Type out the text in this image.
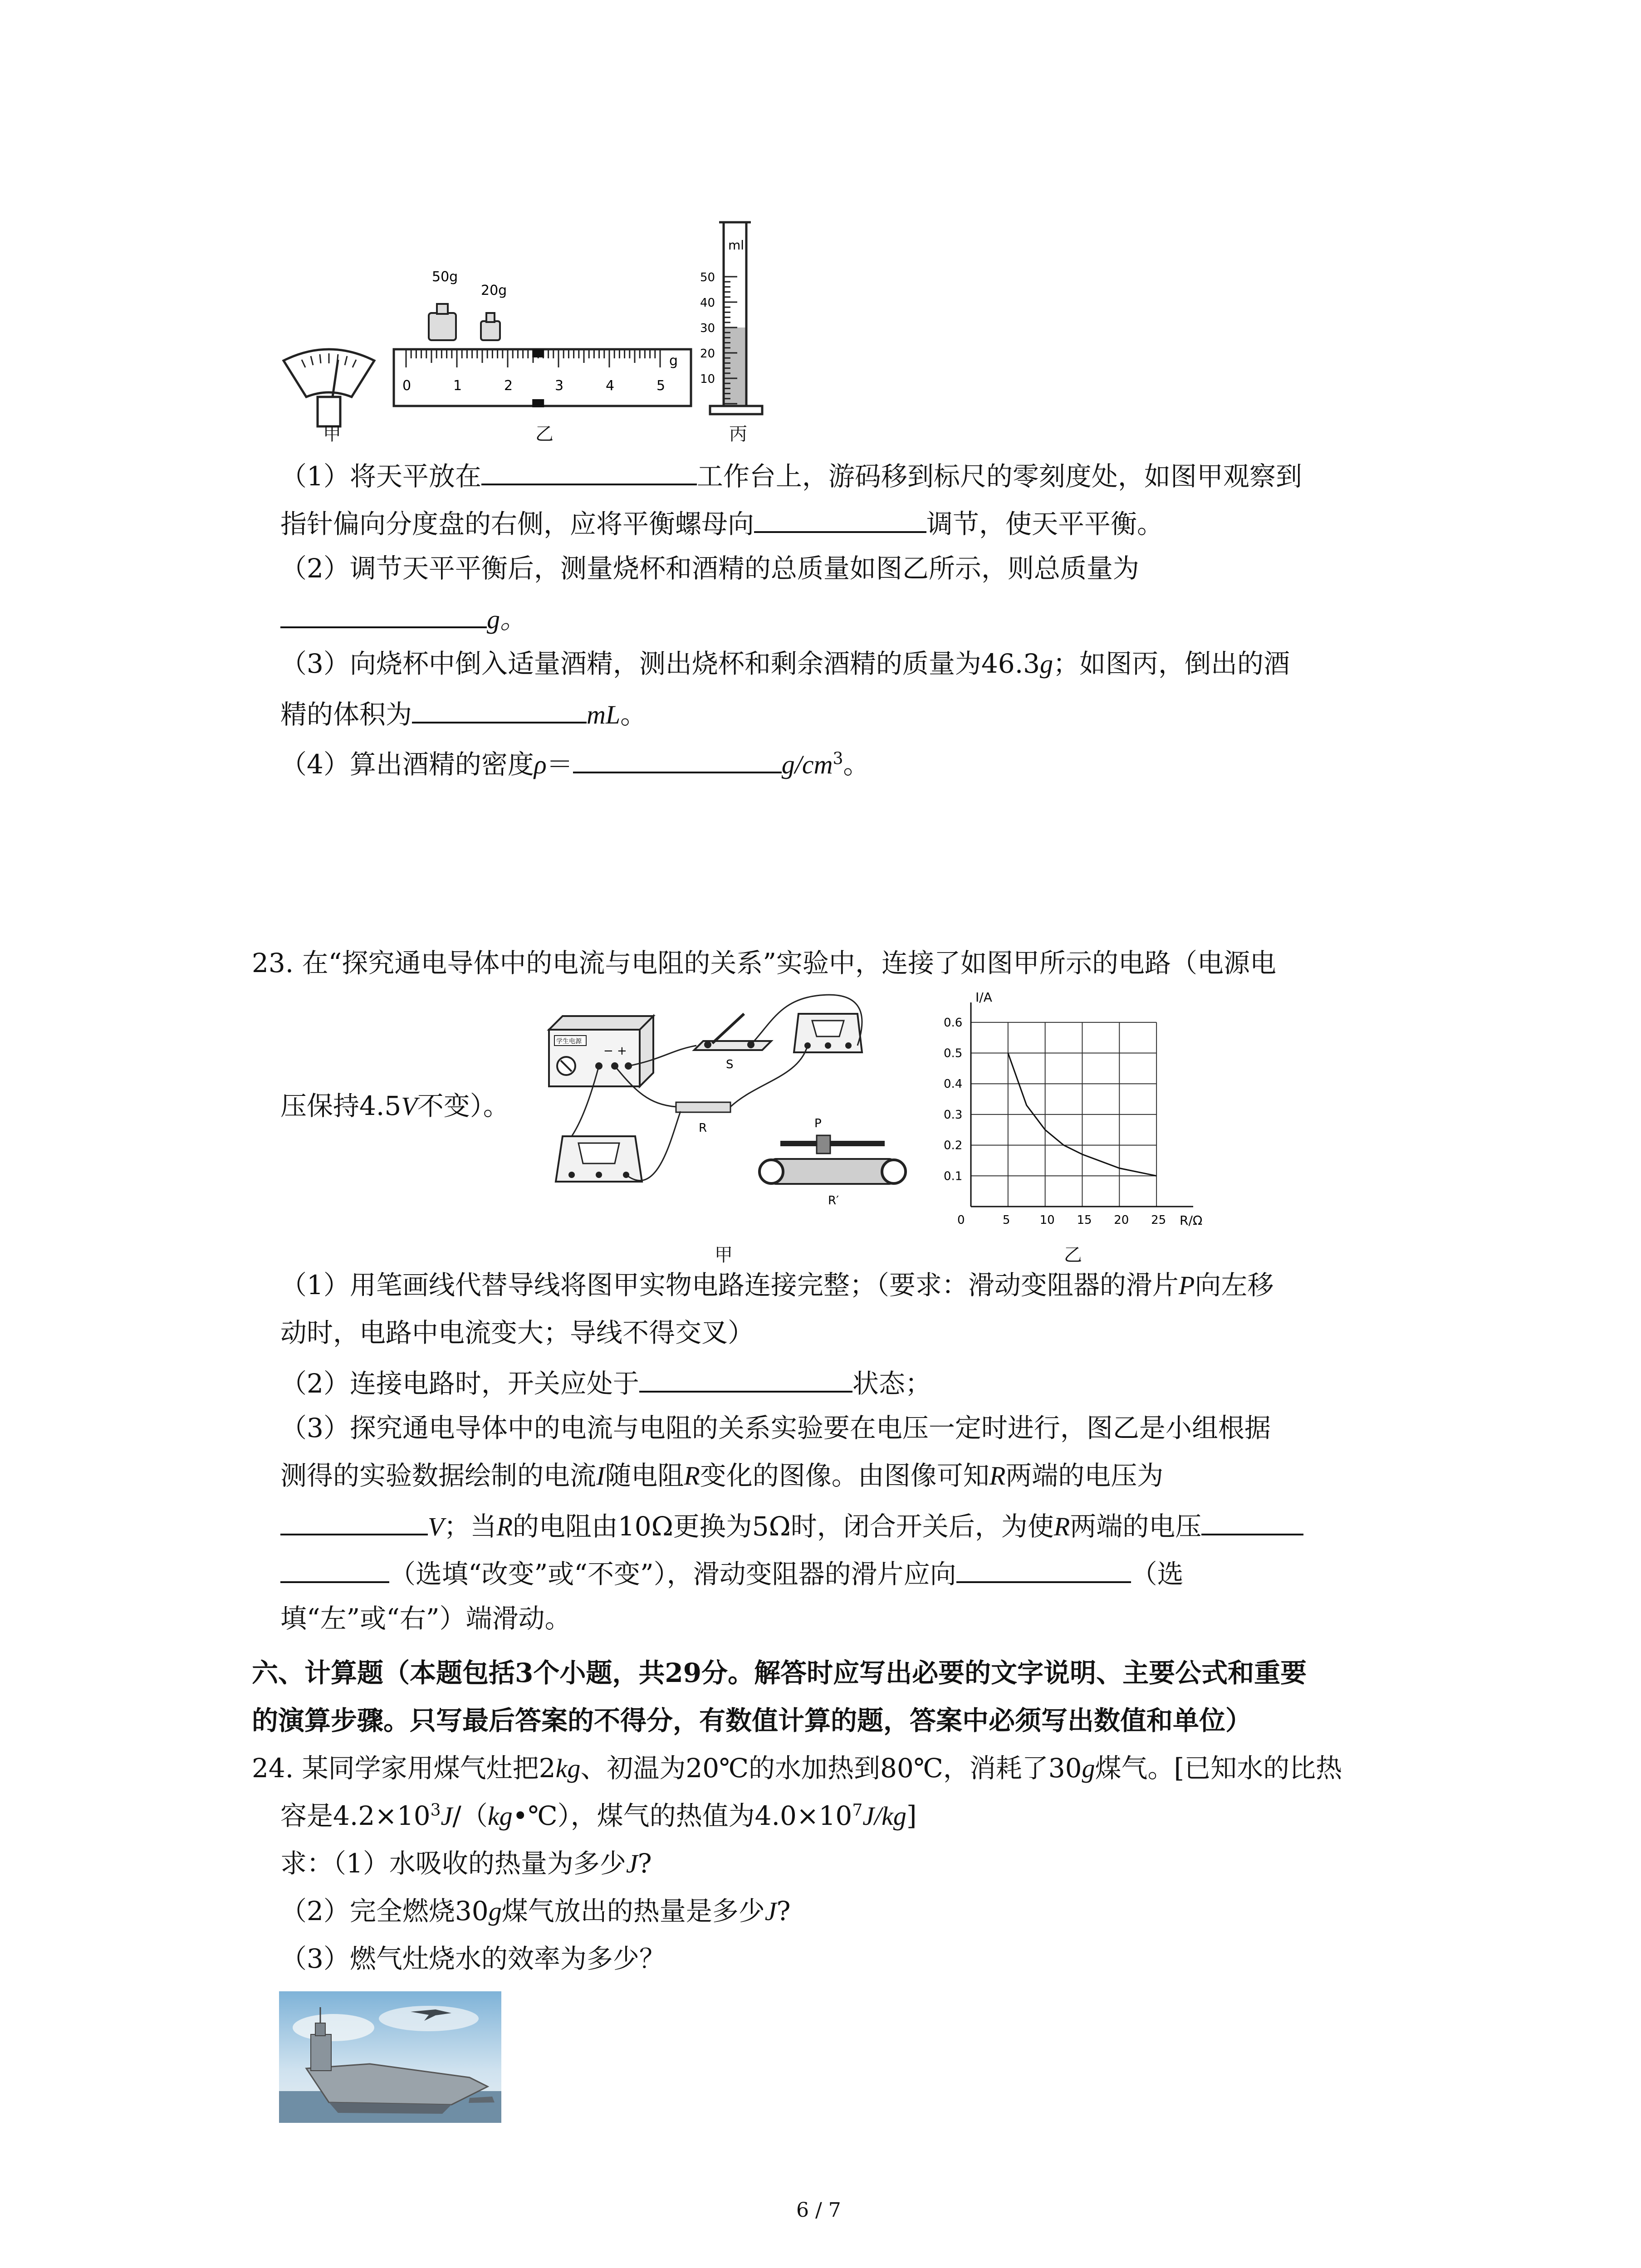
甲
50g
20g
0	1	2	3	4	5
g
乙
ml
50
40
30
20
10
丙
（1）将天平放在	工作台上，游码移到标尺的零刻度处，如图甲观察到
指针偏向分度盘的右侧，应将平衡螺母向	调节，使天平平衡。
（2）调节天平平衡后，测量烧杯和酒精的总质量如图乙所示，则总质量为
g。
（3）向烧杯中倒入适量酒精，测出烧杯和剩余酒精的质量为46.3g；如图丙，倒出的酒
精的体积为	mL。
（4）算出酒精的密度ρ＝	$g/cm^3$。
23. 在“探究通电导体中的电流与电阻的关系”实验中，连接了如图甲所示的电路（电源电
压保持4.5V不变）。
学生电源
− +
S
R	P
R′
甲
0.1
0.2
0.3
0.4
0.5
0.6
0	5	10 15 20 25
I/A
R/Ω
乙
（1）用笔画线代替导线将图甲实物电路连接完整；（要求：滑动变阻器的滑片P向左移
动时，电路中电流变大；导线不得交叉）
（2）连接电路时，开关应处于	状态；
（3）探究通电导体中的电流与电阻的关系实验要在电压一定时进行，图乙是小组根据
测得的实验数据绘制的电流I随电阻R变化的图像。由图像可知R两端的电压为
V；当R的电阻由10Ω更换为5Ω时，闭合开关后，为使R两端的电压
（选填“改变”或“不变”），滑动变阻器的滑片应向	（选
填“左”或“右”）端滑动。
六、计算题（本题包括3个小题，共29分。解答时应写出必要的文字说明、主要公式和重要
的演算步骤。只写最后答案的不得分，有数值计算的题，答案中必须写出数值和单位）
24. 某同学家用煤气灶把2kg、初温为20℃的水加热到80℃，消耗了30g煤气。[已知水的比热
容是$4.2\times 10^3J/(kg•℃)$，煤气的热值为$4.0\times 10^7J/kg$]
求：（1）水吸收的热量为多少J?
（2）完全燃烧30g煤气放出的热量是多少J?
（3）燃气灶烧水的效率为多少？
6 / 7
